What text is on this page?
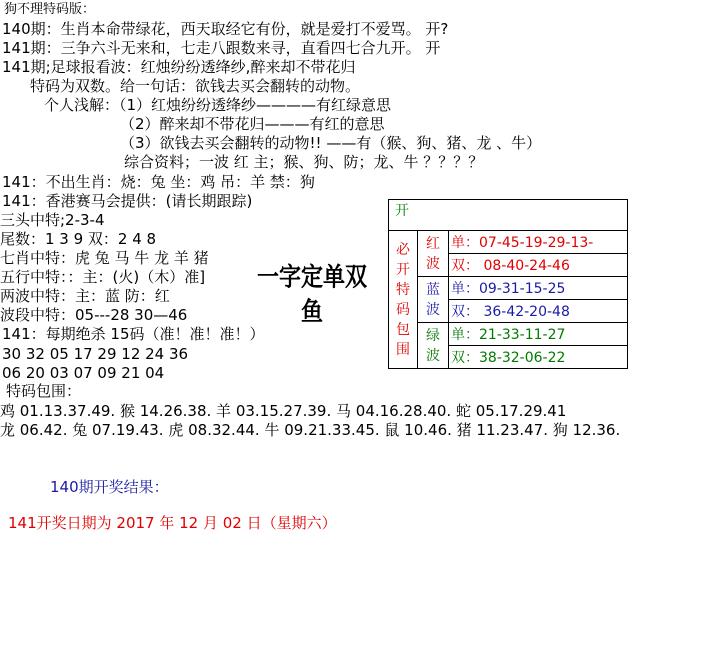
狗不理特码版：
140期：生肖本命带绿花，西天取经它有份，就是爱打不爱骂。 开?
141期：三争六斗无来和，七走八跟数来寻，直看四七合九开。 开
141期;足球报看波：红烛纷纷透绛纱,醉来却不带花归
特码为双数。给一句话：欲钱去买会翻转的动物。
个人浅解：（1）红烛纷纷透绛纱————有红绿意思
（2）醉来却不带花归———有红的意思
（3）欲钱去买会翻转的动物!! ——有（猴、狗、猪、龙 、牛）
综合资料；一波 红 主；猴、狗、防；龙、牛 ？？？？
141：不出生肖：烧：兔 坐：鸡 吊：羊 禁：狗
141：香港赛马会提供：(请长期跟踪)
三头中特;2-3-4
尾数：1 3 9 双：2 4 8
七肖中特：虎 兔 马 牛 龙 羊 猪
五行中特：：主：(火)（木）准]
两波中特：主：蓝 防：红
波段中特：05---28 30—46
141：每期绝杀 15码（准！准！准！）
30 32 05 17 29 12 24 36
06 20 03 07 09 21 04
特码包围：
鸡 01.13.37.49. 猴 14.26.38. 羊 03.15.27.39. 马 04.16.28.40. 蛇 05.17.29.41
龙 06.42. 兔 07.19.43. 虎 08.32.44. 牛 09.21.33.45. 鼠 10.46. 猪 11.23.47. 狗 12.36.
140期开奖结果：
141开奖日期为 2017 年 12 月 02 日（星期六）
一字定单双
鱼
开		
必开特码包围	红波	单：07-45-19-29-13-
		双： 08-40-24-46
	蓝波	单：09-31-15-25
		双： 36-42-20-48
	绿波	单：21-33-11-27
		双：38-32-06-22
